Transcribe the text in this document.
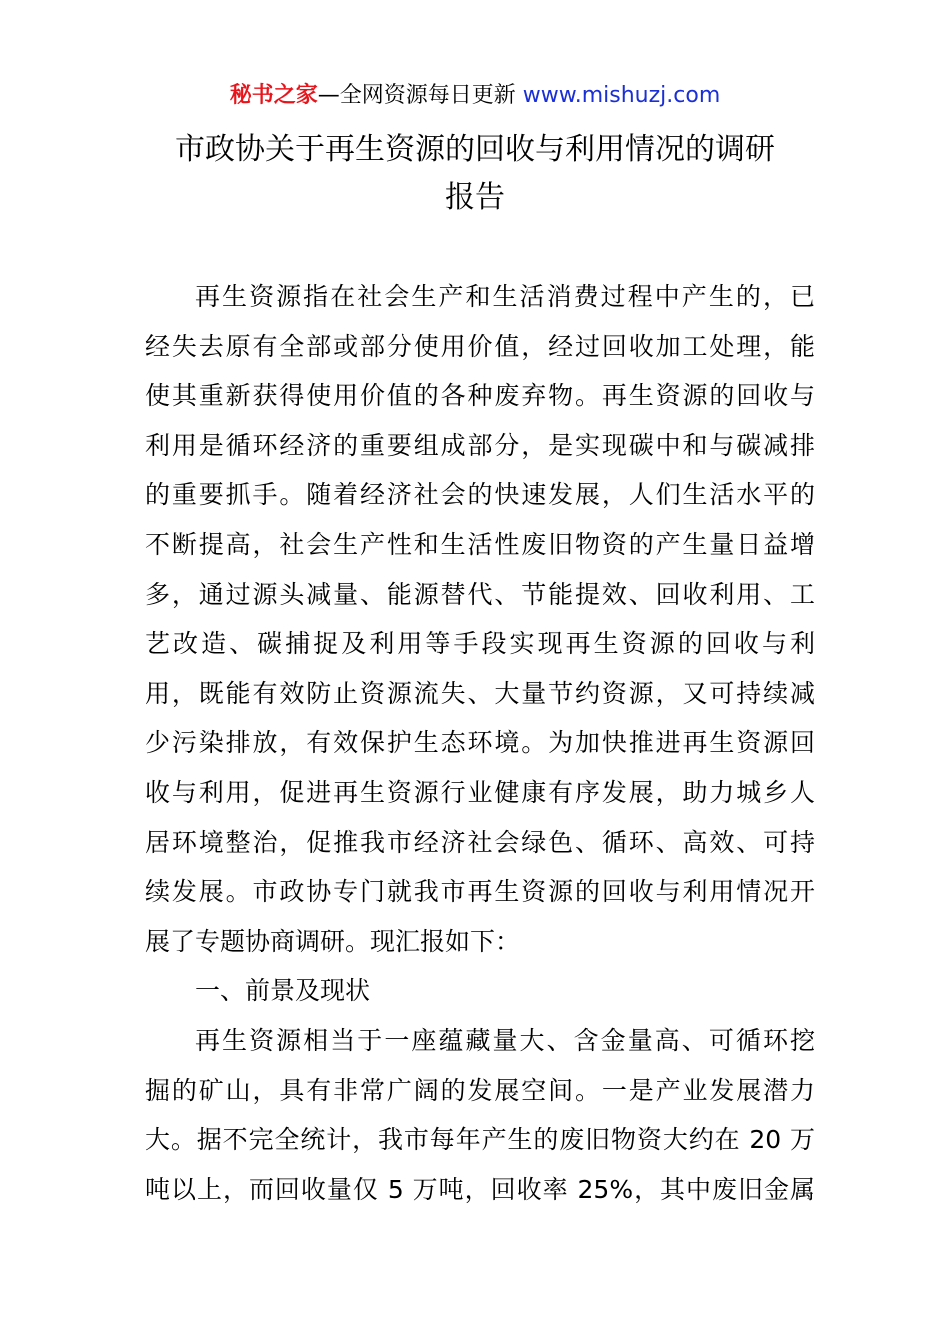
秘书之家—全网资源每日更新 www.mishuzj.com
市政协关于再生资源的回收与利用情况的调研
报告
再生资源指在社会生产和生活消费过程中产生的，已
经失去原有全部或部分使用价值，经过回收加工处理，能
使其重新获得使用价值的各种废弃物。再生资源的回收与
利用是循环经济的重要组成部分，是实现碳中和与碳减排
的重要抓手。随着经济社会的快速发展，人们生活水平的
不断提高，社会生产性和生活性废旧物资的产生量日益增
多，通过源头减量、能源替代、节能提效、回收利用、工
艺改造、碳捕捉及利用等手段实现再生资源的回收与利
用，既能有效防止资源流失、大量节约资源，又可持续减
少污染排放，有效保护生态环境。为加快推进再生资源回
收与利用，促进再生资源行业健康有序发展，助力城乡人
居环境整治，促推我市经济社会绿色、循环、高效、可持
续发展。市政协专门就我市再生资源的回收与利用情况开
展了专题协商调研。现汇报如下：
一、前景及现状
再生资源相当于一座蕴藏量大、含金量高、可循环挖
掘的矿山，具有非常广阔的发展空间。一是产业发展潜力
大。据不完全统计，我市每年产生的废旧物资大约在 20 万
吨以上，而回收量仅 5 万吨，回收率 25%，其中废旧金属
